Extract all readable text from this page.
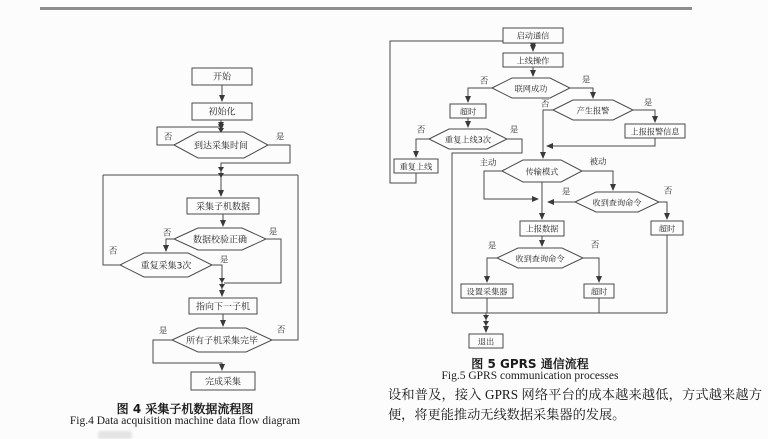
开始
初始化
到达采集时间
采集子机数据
数据校验正确
重复采集3次
指向下一子机
所有子机采集完毕
完成采集
否	是
否	是
否
是
是	否
启动通信
上线操作
联网成功
超时
重复上线3次
重复上线
产生报警
上报报警信息
传输模式
收到查询命令
上报数据	超时
收到查询命令
设置采集器	超时
退出
否	是
否	是
否	是
主动	被动
是	否
是	否
图 4 采集子机数据流程图
Fig.4 Data acquisition machine data flow diagram
图 5 GPRS 通信流程
Fig.5 GPRS communication processes
设和普及，接入 GPRS 网络平台的成本越来越低，方式越来越方便，将更能推动无线数据采集器的发展。
